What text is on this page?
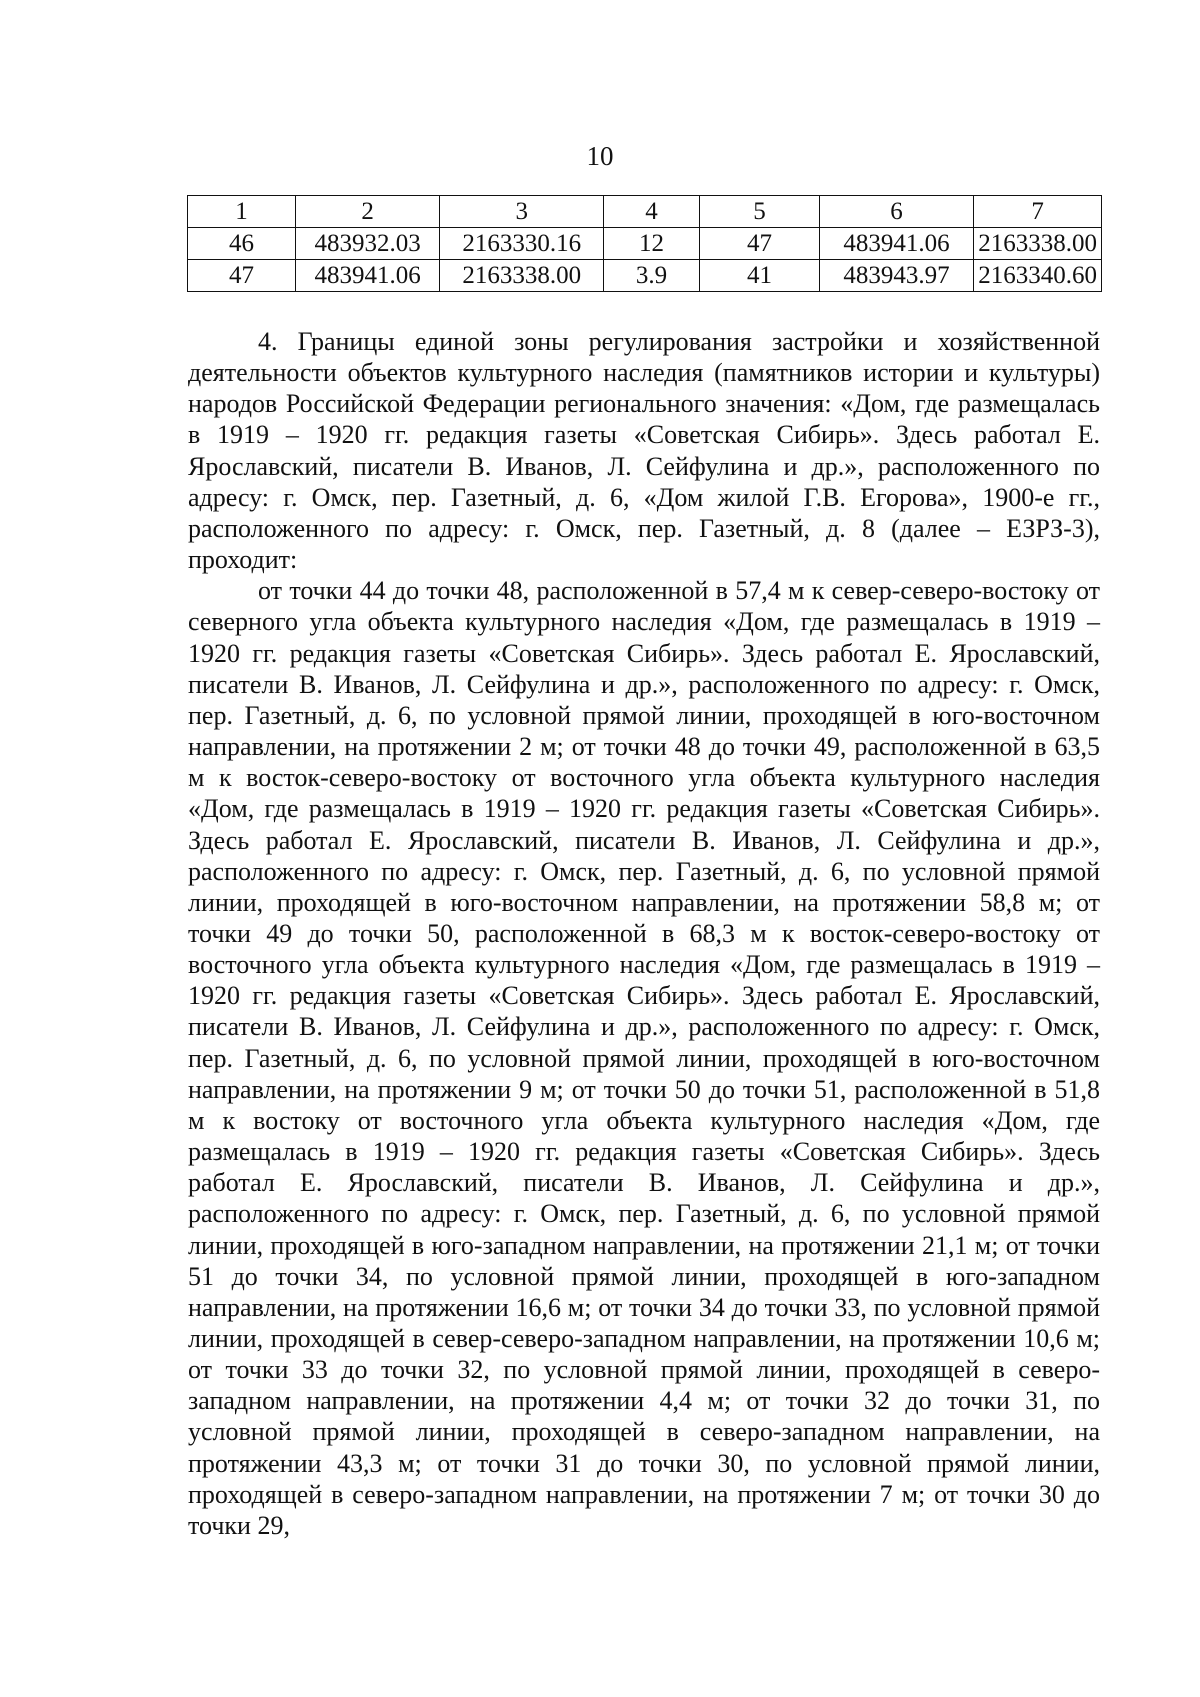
10
1	2	3	4	5	6	7
46	483932.03	2163330.16	12	47	483941.06	2163338.00
47	483941.06	2163338.00	3.9	41	483943.97	2163340.60

4. Границы единой зоны регулирования застройки и хозяйственной деятельности объектов культурного наследия (памятников истории и культуры) народов Российской Федерации регионального значения: «Дом, где размещалась в 1919 – 1920 гг. редакция газеты «Советская Сибирь». Здесь работал Е. Ярославский, писатели В. Иванов, Л. Сейфулина и др.», расположенного по адресу: г. Омск, пер. Газетный, д. 6, «Дом жилой Г.В. Егорова», 1900-е гг., расположенного по адресу: г. Омск, пер. Газетный, д. 8 (далее – ЕЗРЗ-3), проходит:

от точки 44 до точки 48, расположенной в 57,4 м к север-северо-востоку от северного угла объекта культурного наследия «Дом, где размещалась в 1919 – 1920 гг. редакция газеты «Советская Сибирь». Здесь работал Е. Ярославский, писатели В. Иванов, Л. Сейфулина и др.», расположенного по адресу: г. Омск, пер. Газетный, д. 6, по условной прямой линии, проходящей в юго-восточном направлении, на протяжении 2 м; от точки 48 до точки 49, расположенной в 63,5 м к восток-северо-востоку от восточного угла объекта культурного наследия «Дом, где размещалась в 1919 – 1920 гг. редакция газеты «Советская Сибирь». Здесь работал Е. Ярославский, писатели В. Иванов, Л. Сейфулина и др.», расположенного по адресу: г. Омск, пер. Газетный, д. 6, по условной прямой линии, проходящей в юго-восточном направлении, на протяжении 58,8 м; от точки 49 до точки 50, расположенной в 68,3 м к восток-северо-востоку от восточного угла объекта культурного наследия «Дом, где размещалась в 1919 – 1920 гг. редакция газеты «Советская Сибирь». Здесь работал Е. Ярославский, писатели В. Иванов, Л. Сейфулина и др.», расположенного по адресу: г. Омск, пер. Газетный, д. 6, по условной прямой линии, проходящей в юго-восточном направлении, на протяжении 9 м; от точки 50 до точки 51, расположенной в 51,8 м к востоку от восточного угла объекта культурного наследия «Дом, где размещалась в 1919 – 1920 гг. редакция газеты «Советская Сибирь». Здесь работал Е. Ярославский, писатели В. Иванов, Л. Сейфулина и др.», расположенного по адресу: г. Омск, пер. Газетный, д. 6, по условной прямой линии, проходящей в юго-западном направлении, на протяжении 21,1 м; от точки 51 до точки 34, по условной прямой линии, проходящей в юго-западном направлении, на протяжении 16,6 м; от точки 34 до точки 33, по условной прямой линии, проходящей в север-северо-западном направлении, на протяжении 10,6 м; от точки 33 до точки 32, по условной прямой линии, проходящей в северо-западном направлении, на протяжении 4,4 м; от точки 32 до точки 31, по условной прямой линии, проходящей в северо-западном направлении, на протяжении 43,3 м; от точки 31 до точки 30, по условной прямой линии, проходящей в северо-западном направлении, на протяжении 7 м; от точки 30 до точки 29,
